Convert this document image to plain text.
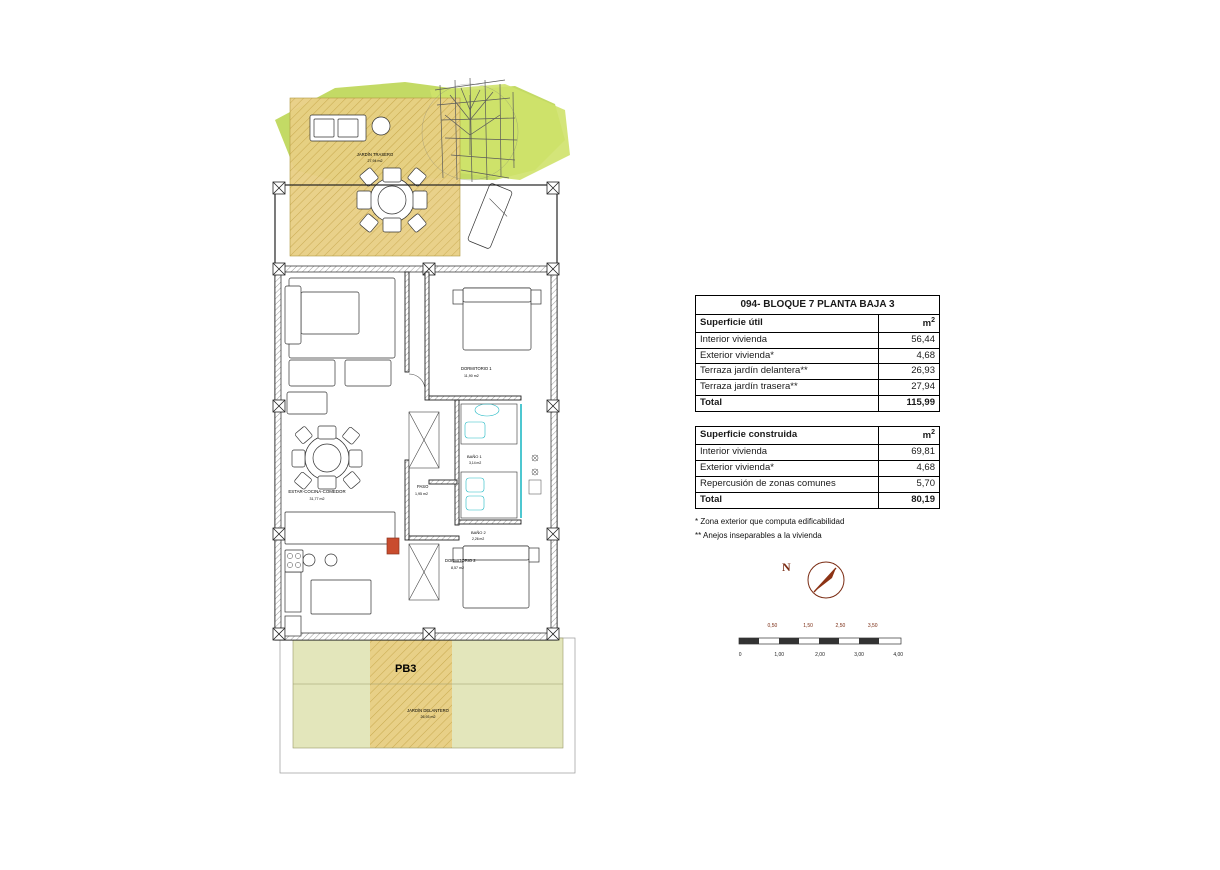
JARDÍN TRASERO
27,94 m2
JARDÍN DELANTERO
26,93 m2
PB3
DORMITORIO 1
11,90 m2
BAÑO 1
3,14 m2
BAÑO 2
2,26 m2
DORMITORIO 2
8,57 m2
PASO
1,95 m2
ESTAR-COCINA-COMEDOR
31,77 m2
094- BLOQUE 7 PLANTA BAJA 3	
Superficie útil	$m^2$
Interior vivienda	56,44
Exterior vivienda*	4,68
Terraza jardín delantera**	26,93
Terraza jardín trasera**	27,94
Total	115,99
Superficie construida	$m^2$
Interior vivienda	69,81
Exterior vivienda*	4,68
Repercusión de zonas comunes	5,70
Total	80,19
* Zona exterior que computa edificabilidad
** Anejos inseparables a la vivienda
N
0,50	1,50	2,50	3,50
0	1,00	2,00	3,00	4,00
